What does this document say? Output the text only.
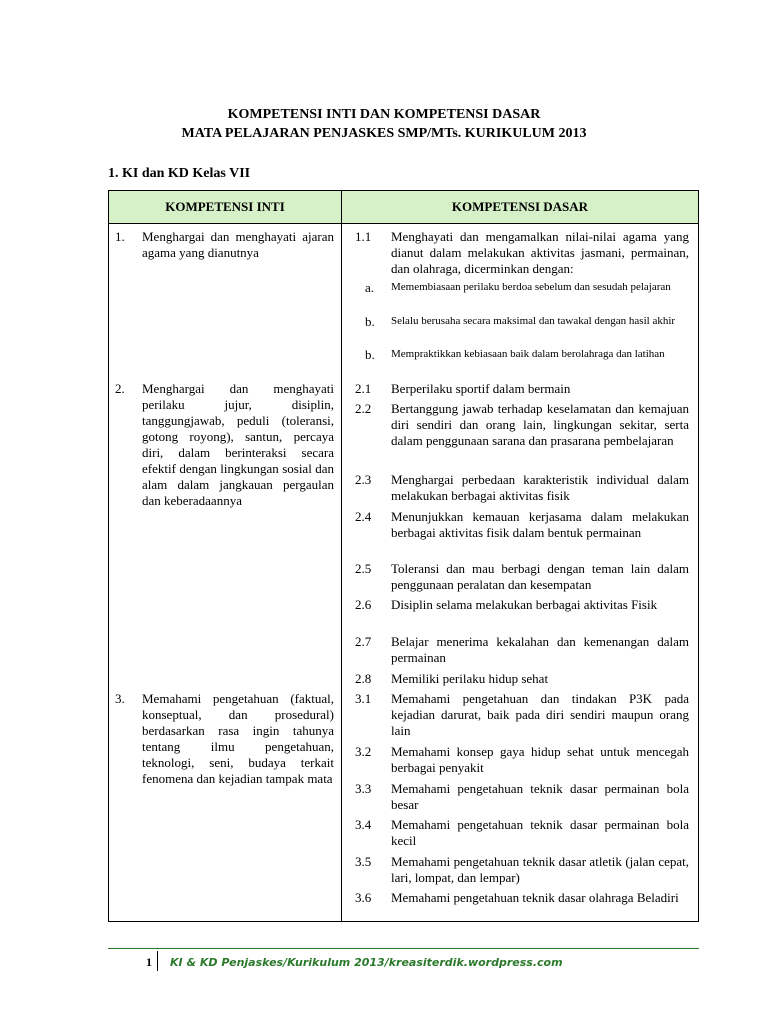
KOMPETENSI INTI DAN KOMPETENSI DASAR
MATA PELAJARAN PENJASKES SMP/MTs. KURIKULUM 2013
1. KI dan KD Kelas VII
KOMPETENSI INTI	KOMPETENSI DASAR
1. Menghargai dan menghayati ajaran agama yang dianutnya
2. Menghargai dan menghayati perilaku jujur, disiplin, tanggungjawab, peduli (toleransi, gotong royong), santun, percaya diri, dalam berinteraksi secara efektif dengan lingkungan sosial dan alam dalam jangkauan pergaulan dan keberadaannya
3. Memahami pengetahuan (faktual, konseptual, dan prosedural) berdasarkan rasa ingin tahunya tentang ilmu pengetahuan, teknologi, seni, budaya terkait fenomena dan kejadian tampak mata
1.1 Menghayati dan mengamalkan nilai-nilai agama yang dianut dalam melakukan aktivitas jasmani, permainan, dan olahraga, dicerminkan dengan:
a. Memembiasaan perilaku berdoa sebelum dan sesudah pelajaran
b. Selalu berusaha secara maksimal dan tawakal dengan hasil akhir
b. Mempraktikkan kebiasaan baik dalam berolahraga dan latihan
2.1 Berperilaku sportif dalam bermain
2.2 Bertanggung jawab terhadap keselamatan dan kemajuan diri sendiri dan orang lain, lingkungan sekitar, serta dalam penggunaan sarana dan prasarana pembelajaran
2.3 Menghargai perbedaan karakteristik individual dalam melakukan berbagai aktivitas fisik
2.4 Menunjukkan kemauan kerjasama dalam melakukan berbagai aktivitas fisik dalam bentuk permainan
2.5 Toleransi dan mau berbagi dengan teman lain dalam penggunaan peralatan dan kesempatan
2.6 Disiplin selama melakukan berbagai aktivitas Fisik
2.7 Belajar menerima kekalahan dan kemenangan dalam permainan
2.8 Memiliki perilaku hidup sehat
3.1 Memahami pengetahuan dan tindakan P3K pada kejadian darurat, baik pada diri sendiri maupun orang lain
3.2 Memahami konsep gaya hidup sehat untuk mencegah berbagai penyakit
3.3 Memahami pengetahuan teknik dasar permainan bola besar
3.4 Memahami pengetahuan teknik dasar permainan bola kecil
3.5 Memahami pengetahuan teknik dasar atletik (jalan cepat, lari, lompat, dan lempar)
3.6 Memahami pengetahuan teknik dasar olahraga Beladiri
1 KI & KD Penjaskes/Kurikulum 2013/kreasiterdik.wordpress.com
